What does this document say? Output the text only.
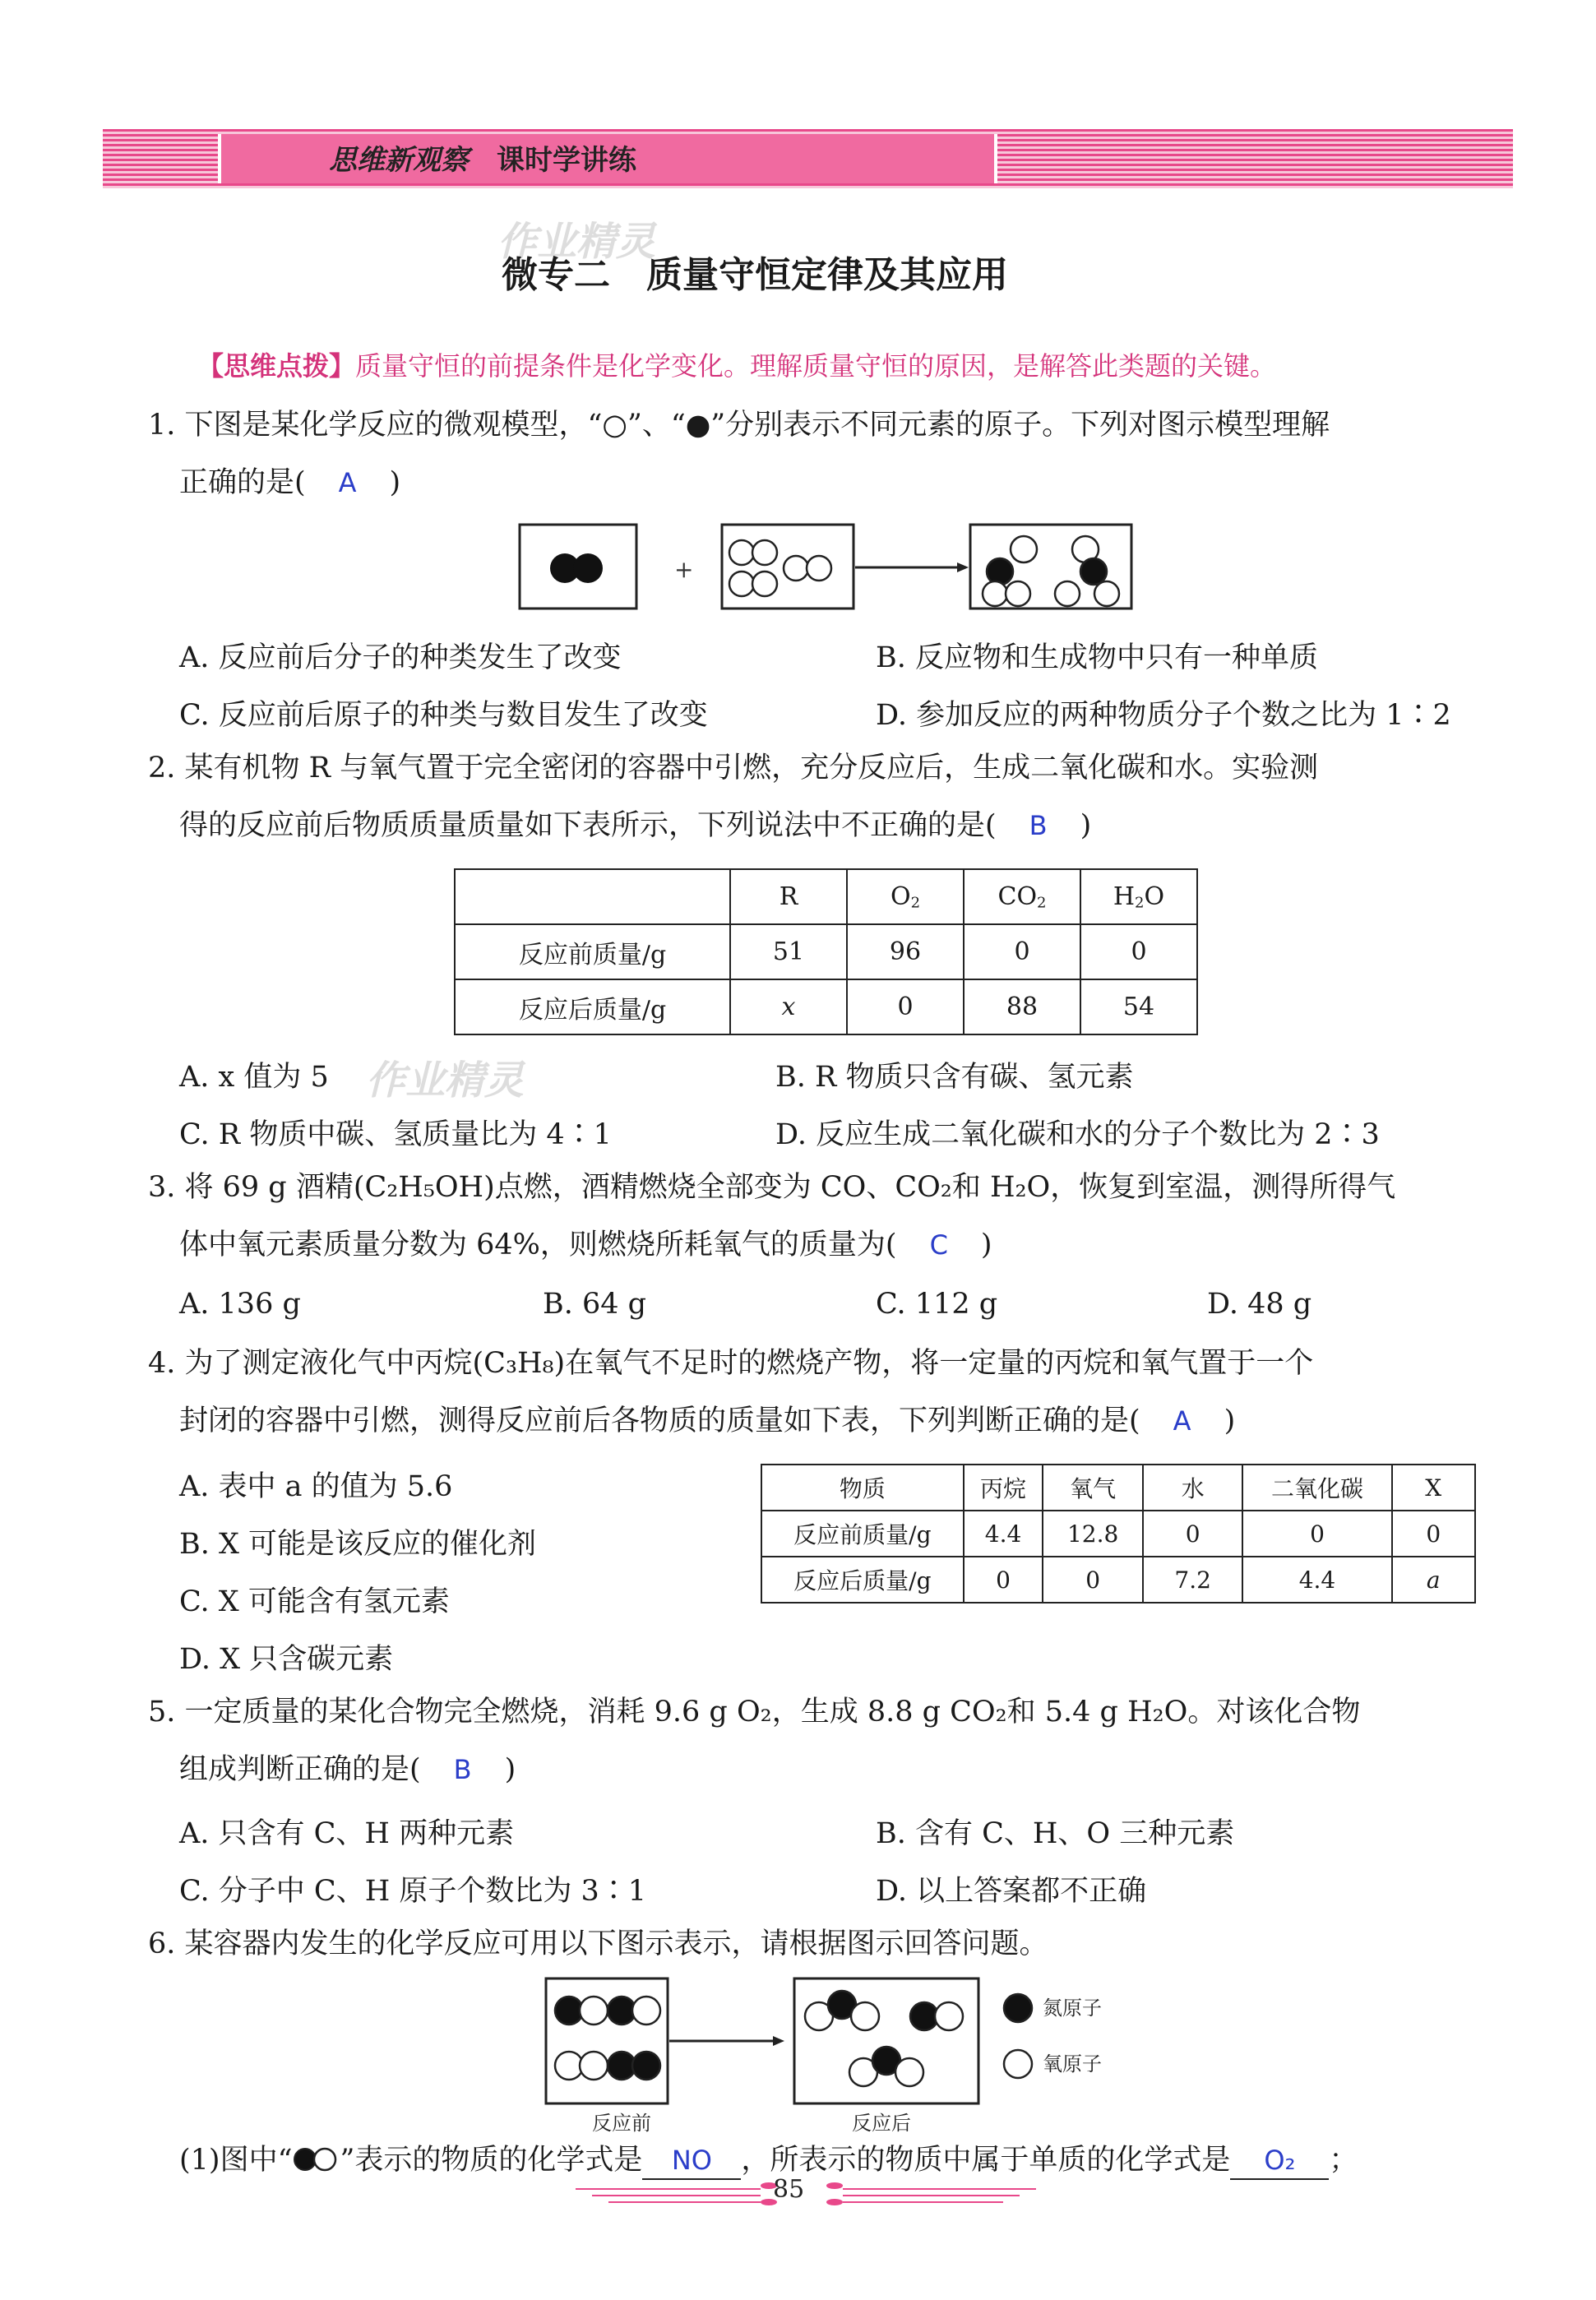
思维新观察 课时学讲练
作业精灵
微专二　质量守恒定律及其应用
【思维点拨】质量守恒的前提条件是化学变化。理解质量守恒的原因，是解答此类题的关键。
1. 下图是某化学反应的微观模型，“○”、“●”分别表示不同元素的原子。下列对图示模型理解
正确的是( A )
+
A. 反应前后分子的种类发生了改变	B. 反应物和生成物中只有一种单质
C. 反应前后原子的种类与数目发生了改变	D. 参加反应的两种物质分子个数之比为 1∶2
2. 某有机物 R 与氧气置于完全密闭的容器中引燃，充分反应后，生成二氧化碳和水。实验测
得的反应前后物质质量质量如下表所示，下列说法中不正确的是( B )
	R	$O_2$	$CO_2$	$H_2O$
反应前质量/g	51	96	0	0
反应后质量/g	x	0	88	54
A. x 值为 5 作业精灵	B. R 物质只含有碳、氢元素
C. R 物质中碳、氢质量比为 4∶1	D. 反应生成二氧化碳和水的分子个数比为 2∶3
3. 将 69 g 酒精(C₂H₅OH)点燃，酒精燃烧全部变为 CO、CO₂和 H₂O，恢复到室温，测得所得气
体中氧元素质量分数为 64%，则燃烧所耗氧气的质量为( C )
A. 136 g	B. 64 g	C. 112 g	D. 48 g
4. 为了测定液化气中丙烷(C₃H₈)在氧气不足时的燃烧产物，将一定量的丙烷和氧气置于一个
封闭的容器中引燃，测得反应前后各物质的质量如下表，下列判断正确的是( A )
A. 表中 a 的值为 5.6
B. X 可能是该反应的催化剂
C. X 可能含有氢元素
D. X 只含碳元素
物质	丙烷	氧气	水	二氧化碳	X
反应前质量/g	4.4	12.8	0	0	0
反应后质量/g	0	0	7.2	4.4	a
5. 一定质量的某化合物完全燃烧，消耗 9.6 g O₂，生成 8.8 g CO₂和 5.4 g H₂O。对该化合物
组成判断正确的是( B )
A. 只含有 C、H 两种元素	B. 含有 C、H、O 三种元素
C. 分子中 C、H 原子个数比为 3∶1	D. 以上答案都不正确
6. 某容器内发生的化学反应可用以下图示表示，请根据图示回答问题。
反应前	反应后
氮原子
氧原子
(1)图中“ ”表示的物质的化学式是 NO ，所表示的物质中属于单质的化学式是 O₂ ；
85
